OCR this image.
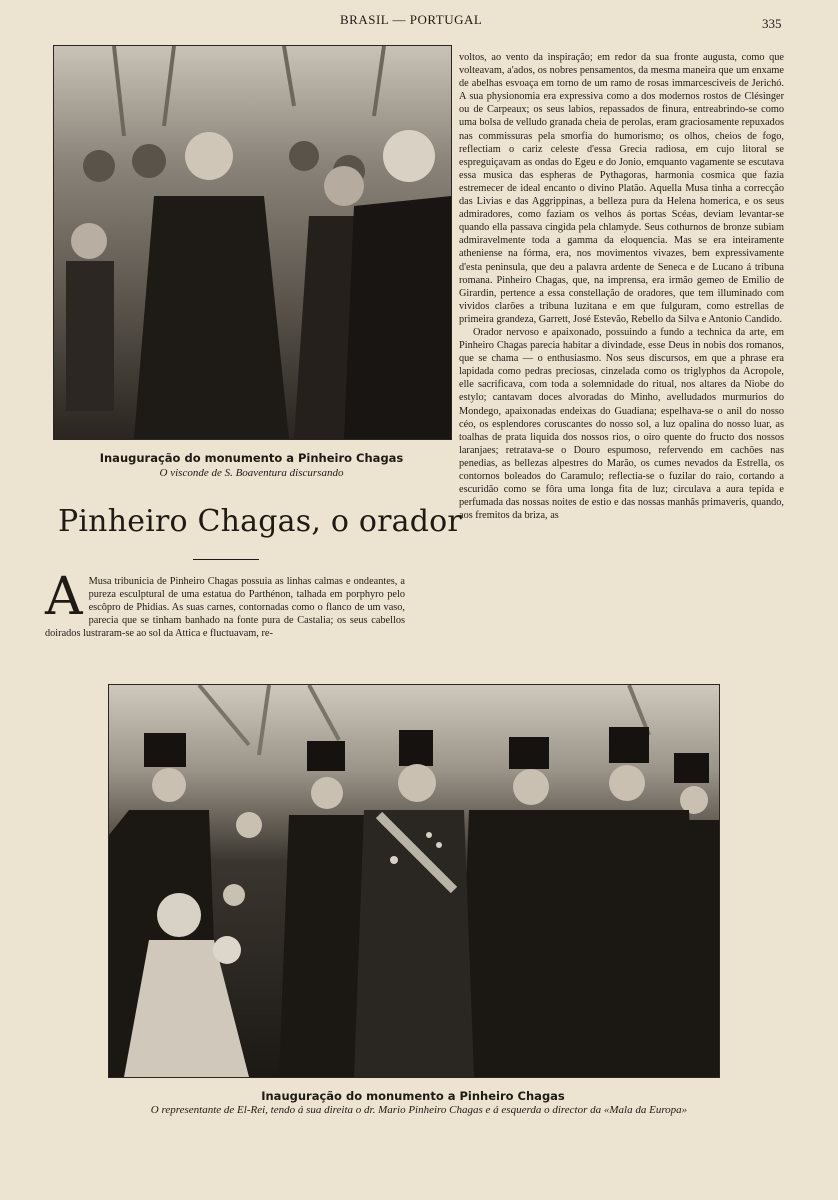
BRASIL — PORTUGAL	335
Inauguração do monumento a Pinheiro Chagas
O visconde de S. Boaventura discursando
Pinheiro Chagas, o orador

A Musa tribunicia de Pinheiro Chagas possuia as linhas calmas e ondeantes, a pureza esculptural de uma estatua do Parthénon, talhada em porphyro pelo escôpro de Phidias. As suas carnes, contornadas como o flanco de um vaso, parecia que se tinham banhado na fonte pura de Castalia; os seus cabellos doirados lustraram-se ao sol da Attica e fluctuavam, re-

voltos, ao vento da inspiração; em redor da sua fronte augusta, como que volteavam, a'ados, os nobres pensamentos, da mesma maneira que um enxame de abelhas esvoaça em torno de um ramo de rosas immarcesciveis de Jerichó. A sua physionomia era expressiva como a dos modernos rostos de Clésinger ou de Carpeaux; os seus labios, repassados de finura, entreabrindo-se como uma bolsa de velludo granada cheia de perolas, eram graciosamente repuxados nas commissuras pela smorfia do humorismo; os olhos, cheios de fogo, reflectiam o cariz celeste d'essa Grecia radiosa, em cujo litoral se espreguiçavam as ondas do Egeu e do Jonio, emquanto vagamente se escutava essa musica das espheras de Pythagoras, harmonia cosmica que fazia estremecer de ideal encanto o divino Platão. Aquella Musa tinha a correcção das Livias e das Aggrippinas, a belleza pura da Helena homerica, e os seus admiradores, como faziam os velhos ás portas Scéas, deviam levantar-se quando ella passava cingida pela chlamyde. Seus cothurnos de bronze subiam admiravelmente toda a gamma da eloquencia. Mas se era inteiramente atheniense na fórma, era, nos movimentos vivazes, bem expressivamente d'esta peninsula, que deu a palavra ardente de Seneca e de Lucano á tribuna romana. Pinheiro Chagas, que, na imprensa, era irmão gemeo de Emilio de Girardin, pertence a essa constellação de oradores, que tem illuminado com vividos clarões a tribuna luzitana e em que fulguram, como estrellas de primeira grandeza, Garrett, José Estevão, Rebello da Silva e Antonio Candido.

Orador nervoso e apaixonado, possuindo a fundo a technica da arte, em Pinheiro Chagas parecia habitar a divindade, esse Deus in nobis dos romanos, que se chama — o enthusiasmo. Nos seus discursos, em que a phrase era lapidada como pedras preciosas, cinzelada como os triglyphos da Acropole, elle sacrificava, com toda a solemnidade do ritual, nos altares da Niobe do estylo; cantavam doces alvoradas do Minho, avelludados murmurios do Mondego, apaixonadas endeixas do Guadiana; espelhava-se o anil do nosso céo, os esplendores coruscantes do nosso sol, a luz opalina do nosso luar, as toalhas de prata liquida dos nossos rios, o oiro quente do fructo dos nossos laranjaes; retratava-se o Douro espumoso, refervendo em cachões nas penedias, as bellezas alpestres do Marão, os cumes nevados da Estrella, os contornos boleados do Caramulo; reflectia-se o fuzilar do raio, cortando a escuridão como se fôra uma longa fita de luz; circulava a aura tepida e perfumada das nossas noites de estio e das nossas manhãs primaveris, quando, aos fremitos da briza, as

Inauguração do monumento a Pinheiro Chagas
O representante de El-Rei, tendo á sua direita o dr. Mario Pinheiro Chagas e á esquerda o director da «Mala da Europa»
